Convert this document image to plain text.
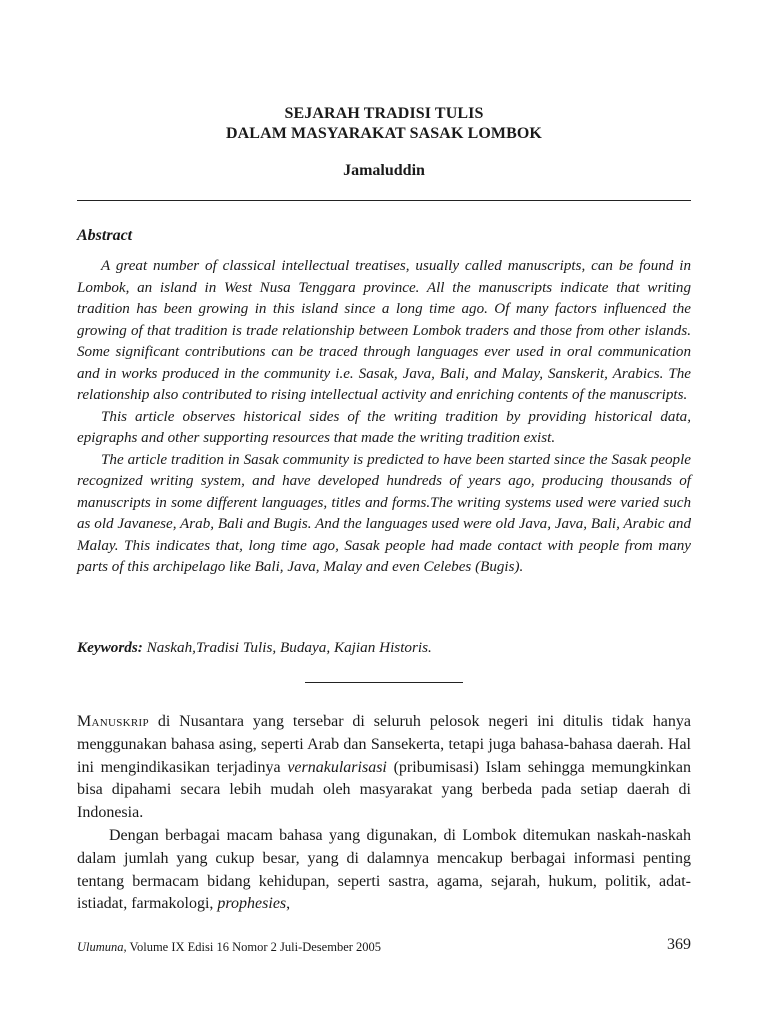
SEJARAH TRADISI TULIS
DALAM MASYARAKAT SASAK LOMBOK
Jamaluddin
Abstract

A great number of classical intellectual treatises, usually called manuscripts, can be found in Lombok, an island in West Nusa Tenggara province. All the manuscripts indicate that writing tradition has been growing in this island since a long time ago. Of many factors influenced the growing of that tradition is trade relationship between Lombok traders and those from other islands. Some significant contributions can be traced through languages ever used in oral communication and in works produced in the community i.e. Sasak, Java, Bali, and Malay, Sanskerit, Arabics. The relationship also contributed to rising intellectual activity and enriching contents of the manuscripts.

This article observes historical sides of the writing tradition by providing historical data, epigraphs and other supporting resources that made the writing tradition exist.

The article tradition in Sasak community is predicted to have been started since the Sasak people recognized writing system, and have developed hundreds of years ago, producing thousands of manuscripts in some different languages, titles and forms.The writing systems used were varied such as old Javanese, Arab, Bali and Bugis. And the languages used were old Java, Java, Bali, Arabic and Malay. This indicates that, long time ago, Sasak people had made contact with people from many parts of this archipelago like Bali, Java, Malay and even Celebes (Bugis).

Keywords: Naskah,Tradisi Tulis, Budaya, Kajian Historis.

Manuskrip di Nusantara yang tersebar di seluruh pelosok negeri ini ditulis tidak hanya menggunakan bahasa asing, seperti Arab dan Sansekerta, tetapi juga bahasa-bahasa daerah. Hal ini mengindikasikan terjadinya vernakularisasi (pribumisasi) Islam sehingga memungkinkan bisa dipahami secara lebih mudah oleh masyarakat yang berbeda pada setiap daerah di Indonesia.

Dengan berbagai macam bahasa yang digunakan, di Lombok ditemukan naskah-naskah dalam jumlah yang cukup besar, yang di dalamnya mencakup berbagai informasi penting tentang bermacam bidang kehidupan, seperti sastra, agama, sejarah, hukum, politik, adat-istiadat, farmakologi, prophesies,

Ulumuna, Volume IX Edisi 16 Nomor 2 Juli-Desember 2005	369
